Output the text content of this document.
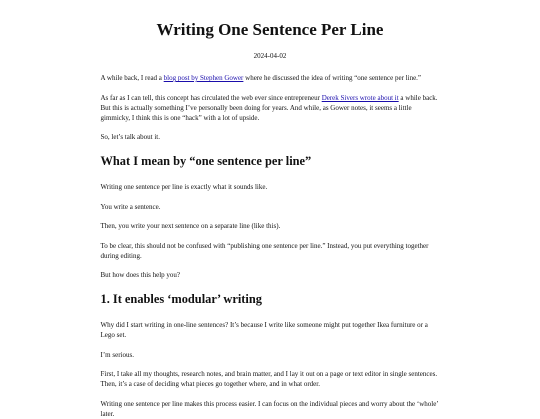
Writing One Sentence Per Line
2024-04-02

A while back, I read a blog post by Stephen Gower where he discussed the idea of writing “one sentence per line.”

As far as I can tell, this concept has circulated the web ever since entrepreneur Derek Sivers wrote about it a while back. But this is actually something I’ve personally been doing for years. And while, as Gower notes, it seems a little gimmicky, I think this is one “hack” with a lot of upside.

So, let’s talk about it.

What I mean by “one sentence per line”

Writing one sentence per line is exactly what it sounds like.

You write a sentence.

Then, you write your next sentence on a separate line (like this).

To be clear, this should not be confused with “publishing one sentence per line.” Instead, you put everything together during editing.

But how does this help you?

1. It enables ‘modular’ writing

Why did I start writing in one-line sentences? It’s because I write like someone might put together Ikea furniture or a Lego set.

I’m serious.

First, I take all my thoughts, research notes, and brain matter, and I lay it out on a page or text editor in single sentences. Then, it’s a case of deciding what pieces go together where, and in what order.

Writing one sentence per line makes this process easier. I can focus on the individual pieces and worry about the ‘whole’ later.
